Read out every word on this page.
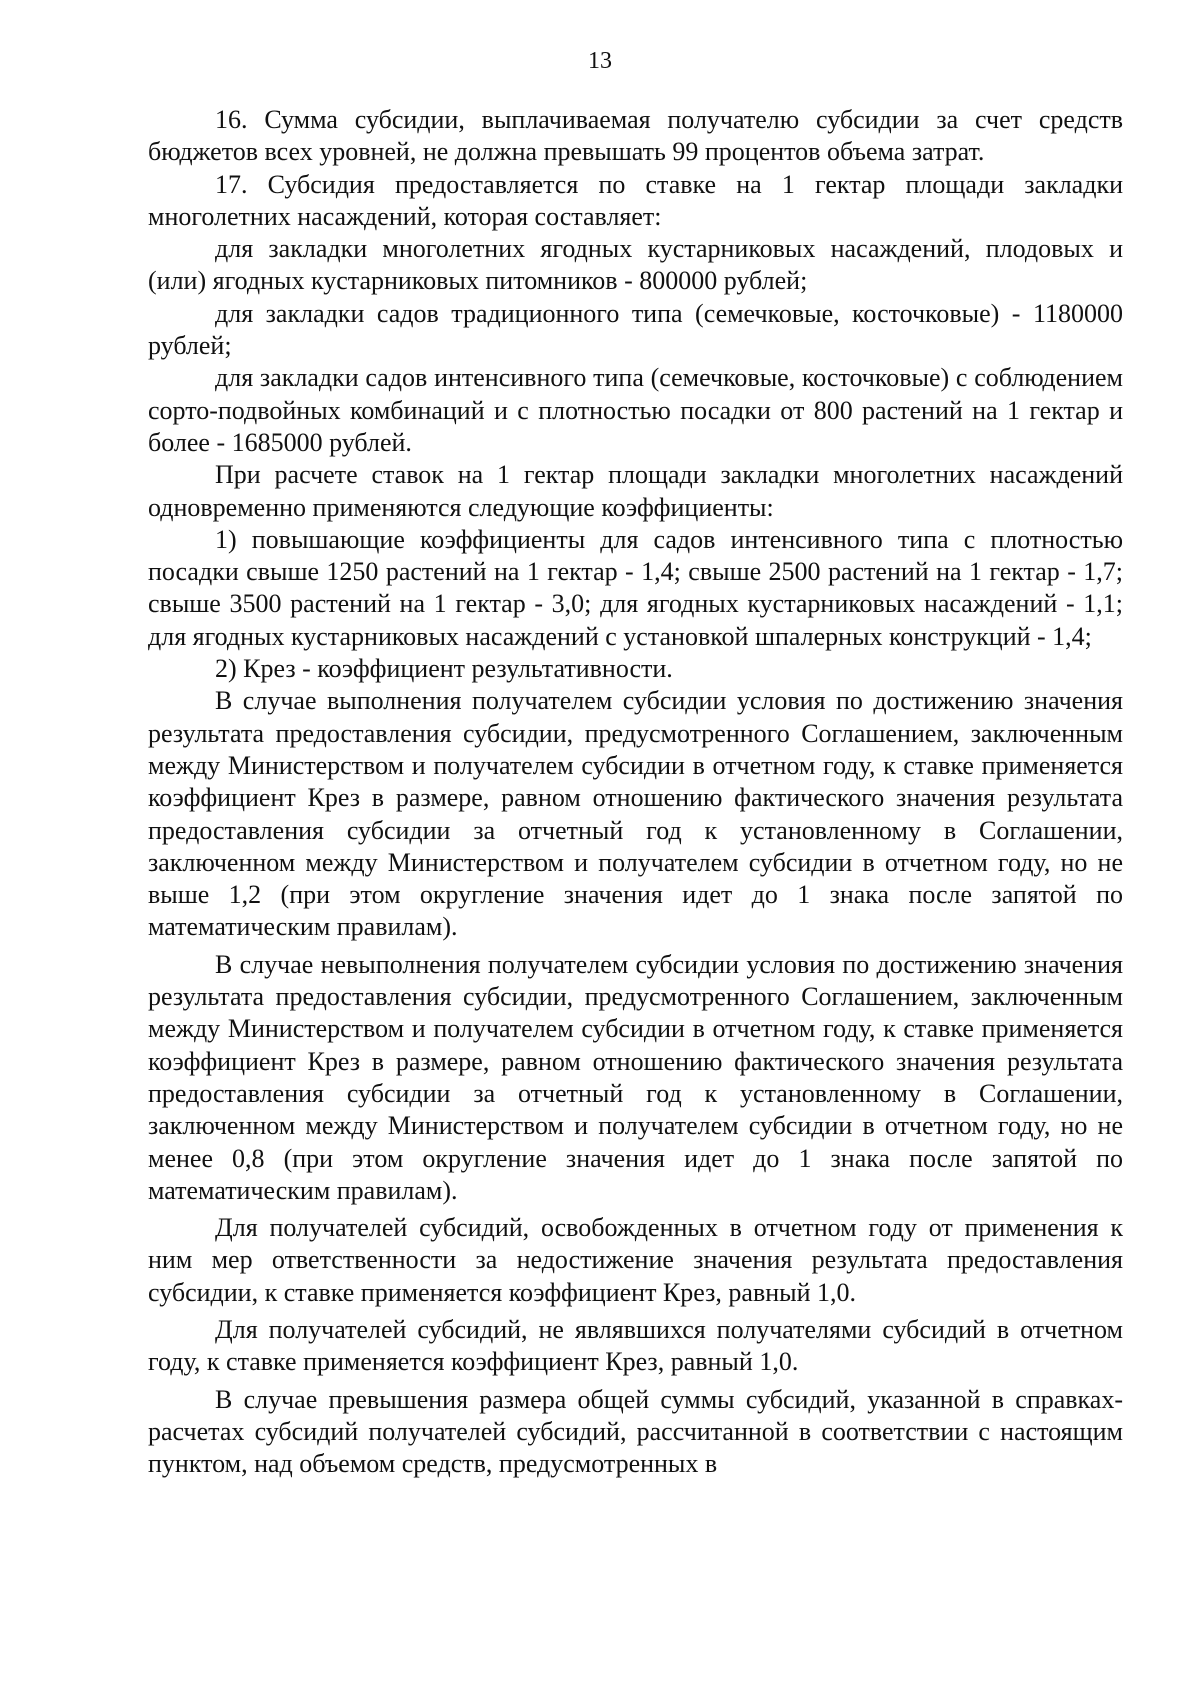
13

16. Сумма субсидии, выплачиваемая получателю субсидии за счет средств бюджетов всех уровней, не должна превышать 99 процентов объема затрат.

17. Субсидия предоставляется по ставке на 1 гектар площади закладки многолетних насаждений, которая составляет:

для закладки многолетних ягодных кустарниковых насаждений, плодовых и (или) ягодных кустарниковых питомников - 800000 рублей;

для закладки садов традиционного типа (семечковые, косточковые) - 1180000 рублей;

для закладки садов интенсивного типа (семечковые, косточковые) с соблюдением сорто-подвойных комбинаций и с плотностью посадки от 800 растений на 1 гектар и более - 1685000 рублей.

При расчете ставок на 1 гектар площади закладки многолетних насаждений одновременно применяются следующие коэффициенты:

1) повышающие коэффициенты для садов интенсивного типа с плотностью посадки свыше 1250 растений на 1 гектар - 1,4; свыше 2500 растений на 1 гектар - 1,7; свыше 3500 растений на 1 гектар - 3,0; для ягодных кустарниковых насаждений - 1,1; для ягодных кустарниковых насаждений с установкой шпалерных конструкций - 1,4;

2) Крез - коэффициент результативности.

В случае выполнения получателем субсидии условия по достижению значения результата предоставления субсидии, предусмотренного Соглашением, заключенным между Министерством и получателем субсидии в отчетном году, к ставке применяется коэффициент Крез в размере, равном отношению фактического значения результата предоставления субсидии за отчетный год к установленному в Соглашении, заключенном между Министерством и получателем субсидии в отчетном году, но не выше 1,2 (при этом округление значения идет до 1 знака после запятой по математическим правилам).

В случае невыполнения получателем субсидии условия по достижению значения результата предоставления субсидии, предусмотренного Соглашением, заключенным между Министерством и получателем субсидии в отчетном году, к ставке применяется коэффициент Крез в размере, равном отношению фактического значения результата предоставления субсидии за отчетный год к установленному в Соглашении, заключенном между Министерством и получателем субсидии в отчетном году, но не менее 0,8 (при этом округление значения идет до 1 знака после запятой по математическим правилам).

Для получателей субсидий, освобожденных в отчетном году от применения к ним мер ответственности за недостижение значения результата предоставления субсидии, к ставке применяется коэффициент Крез, равный 1,0.

Для получателей субсидий, не являвшихся получателями субсидий в отчетном году, к ставке применяется коэффициент Крез, равный 1,0.

В случае превышения размера общей суммы субсидий, указанной в справках-расчетах субсидий получателей субсидий, рассчитанной в соответствии с настоящим пунктом, над объемом средств, предусмотренных в
